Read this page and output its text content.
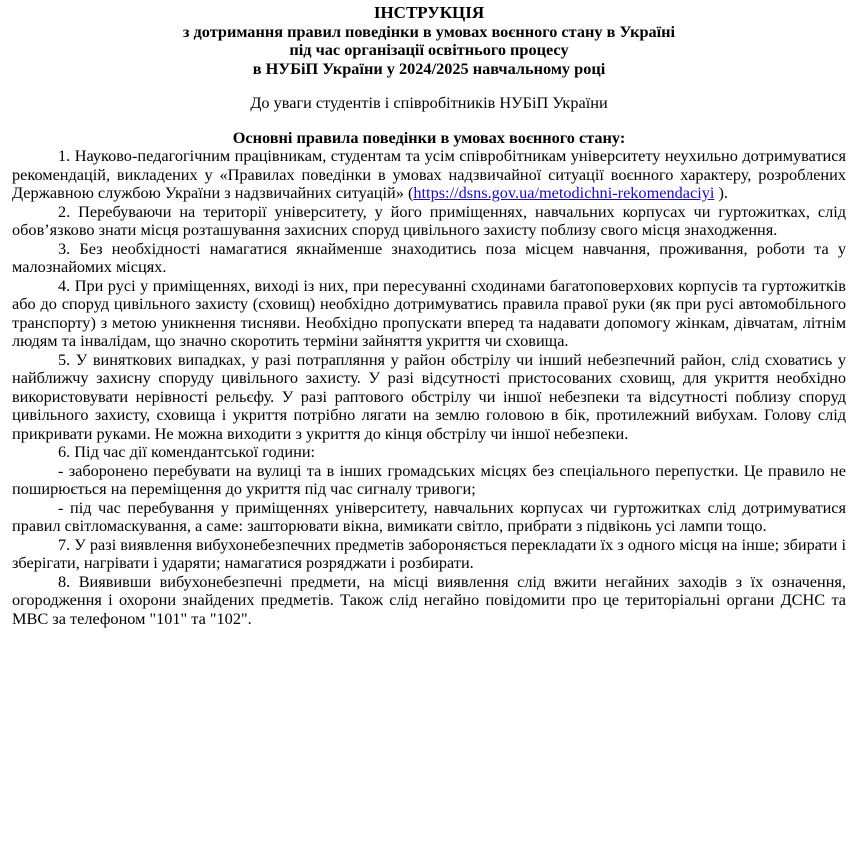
ІНСТРУКЦІЯ
з дотримання правил поведінки в умовах воєнного стану в Україні
під час організації освітнього процесу
в НУБіП України у 2024/2025 навчальному році
До уваги студентів і співробітників НУБіП України
Основні правила поведінки в умовах воєнного стану:

1. Науково-педагогічним працівникам, студентам та усім співробітникам університету неухильно дотримуватися рекомендацій, викладених у «Правилах поведінки в умовах надзвичайної ситуації воєнного характеру, розроблених Державною службою України з надзвичайних ситуацій» (https://dsns.gov.ua/metodichni-rekomendaciyi ).

2. Перебуваючи на території університету, у його приміщеннях, навчальних корпусах чи гуртожитках, слід обов’язково знати місця розташування захисних споруд цивільного захисту поблизу свого місця знаходження.

3. Без необхідності намагатися якнайменше знаходитись поза місцем навчання, проживання, роботи та у малознайомих місцях.

4. При русі у приміщеннях, виході із них, при пересуванні сходинами багатоповерхових корпусів та гуртожитків або до споруд цивільного захисту (сховищ) необхідно дотримуватись правила правої руки (як при русі автомобільного транспорту) з метою уникнення тисняви. Необхідно пропускати вперед та надавати допомогу жінкам, дівчатам, літнім людям та інвалідам, що значно скоротить терміни зайняття укриття чи сховища.

5. У виняткових випадках, у разі потрапляння у район обстрілу чи інший небезпечний район, слід сховатись у найближчу захисну споруду цивільного захисту. У разі відсутності пристосованих сховищ, для укриття необхідно використовувати нерівності рельєфу. У разі раптового обстрілу чи іншої небезпеки та відсутності поблизу споруд цивільного захисту, сховища і укриття потрібно лягати на землю головою в бік, протилежний вибухам. Голову слід прикривати руками. Не можна виходити з укриття до кінця обстрілу чи іншої небезпеки.

6. Під час дії комендантської години:

- заборонено перебувати на вулиці та в інших громадських місцях без спеціального перепустки. Це правило не поширюється на переміщення до укриття під час сигналу тривоги;

- під час перебування у приміщеннях університету, навчальних корпусах чи гуртожитках слід дотримуватися правил світломаскування, а саме: зашторювати вікна, вимикати світло, прибрати з підвіконь усі лампи тощо.

7. У разі виявлення вибухонебезпечних предметів забороняється перекладати їх з одного місця на інше; збирати і зберігати, нагрівати і ударяти; намагатися розряджати і розбирати.

8. Виявивши вибухонебезпечні предмети, на місці виявлення слід вжити негайних заходів з їх означення, огородження і охорони знайдених предметів. Також слід негайно повідомити про це територіальні органи ДСНС та МВС за телефоном "101" та "102".
